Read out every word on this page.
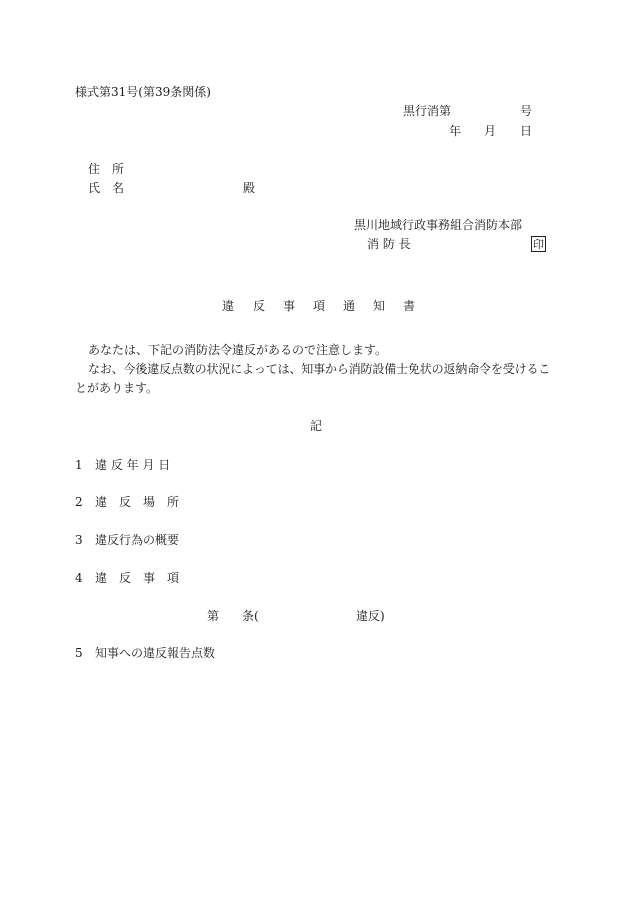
様式第31号(第39条関係)
黒行消第	号
年 月 日
住　所
氏　名	殿
黒川地域行政事務組合消防本部
消 防 長	印
違 反 事 項 通 知 書
あなたは、下記の消防法令違反があるので注意します。
なお、今後違反点数の状況によっては、知事から消防設備士免状の返納命令を受けるこ
とがあります。
記
1 違 反 年 月 日
2 違　反　場　所
3 違反行為の概要
4 違　反　事　項
第 条(	違反)
5 知事への違反報告点数
